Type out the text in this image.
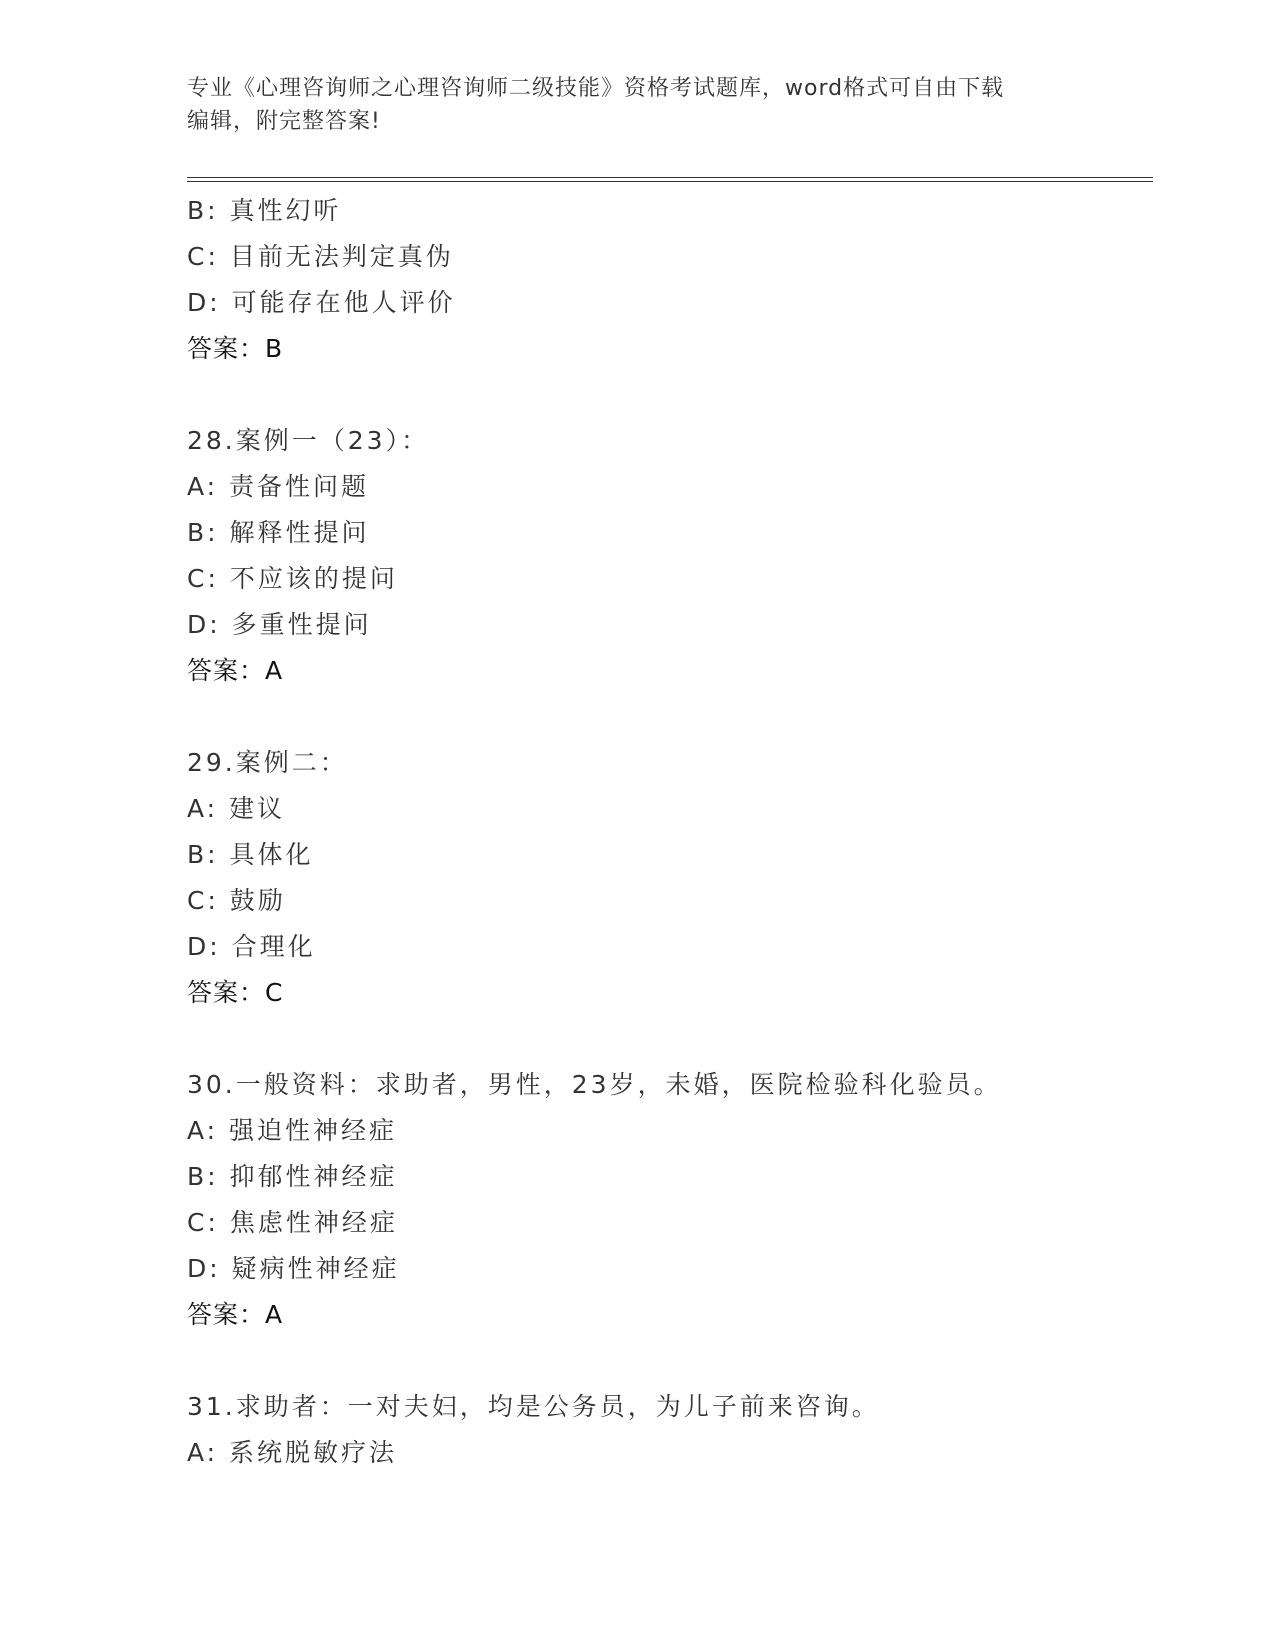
专业《心理咨询师之心理咨询师二级技能》资格考试题库，word格式可自由下载
编辑，附完整答案!
B: 真性幻听
C: 目前无法判定真伪
D: 可能存在他人评价
答案：B
28.案例一（23）：
A: 责备性问题
B: 解释性提问
C: 不应该的提问
D: 多重性提问
答案：A
29.案例二：
A: 建议
B: 具体化
C: 鼓励
D: 合理化
答案：C
30.一般资料：求助者，男性，23岁，未婚，医院检验科化验员。
A: 强迫性神经症
B: 抑郁性神经症
C: 焦虑性神经症
D: 疑病性神经症
答案：A
31.求助者：一对夫妇，均是公务员，为儿子前来咨询。
A: 系统脱敏疗法
